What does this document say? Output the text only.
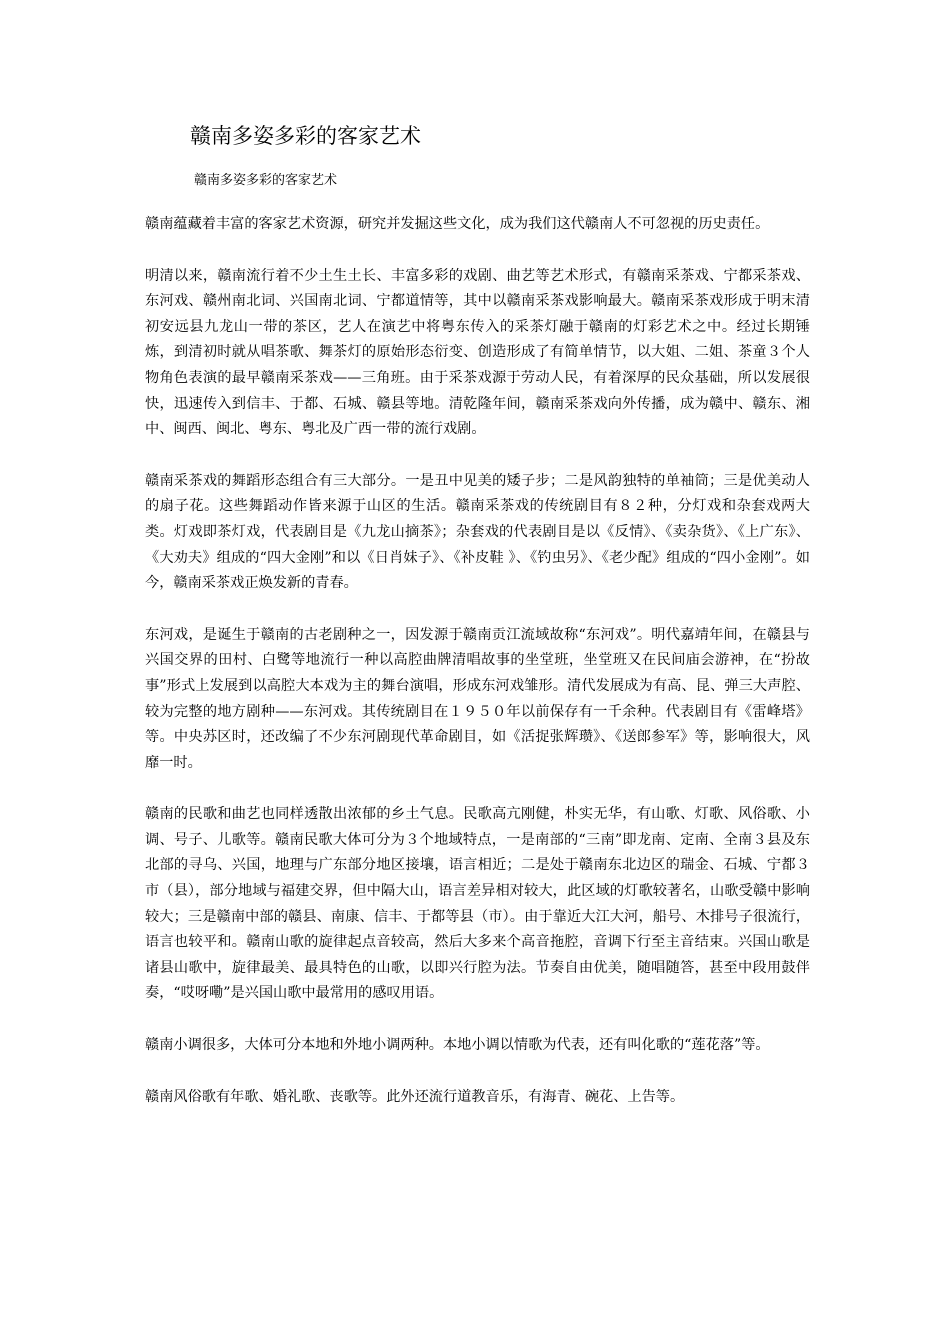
赣南多姿多彩的客家艺术
赣南多姿多彩的客家艺术

赣南蕴藏着丰富的客家艺术资源，研究并发掘这些文化，成为我们这代赣南人不可忽视的历史责任。

明清以来，赣南流行着不少土生土长、丰富多彩的戏剧、曲艺等艺术形式，有赣南采茶戏、宁都采茶戏、东河戏、赣州南北词、兴国南北词、宁都道情等，其中以赣南采茶戏影响最大。赣南采茶戏形成于明末清初安远县九龙山一带的茶区，艺人在演艺中将粤东传入的采茶灯融于赣南的灯彩艺术之中。经过长期锤炼，到清初时就从唱茶歌、舞茶灯的原始形态衍变、创造形成了有简单情节，以大姐、二姐、茶童３个人物角色表演的最早赣南采茶戏——三角班。由于采茶戏源于劳动人民，有着深厚的民众基础，所以发展很快，迅速传入到信丰、于都、石城、赣县等地。清乾隆年间，赣南采茶戏向外传播，成为赣中、赣东、湘中、闽西、闽北、粤东、粤北及广西一带的流行戏剧。

赣南采茶戏的舞蹈形态组合有三大部分。一是丑中见美的矮子步；二是风韵独特的单袖筒；三是优美动人的扇子花。这些舞蹈动作皆来源于山区的生活。赣南采茶戏的传统剧目有８２种，分灯戏和杂套戏两大类。灯戏即茶灯戏，代表剧目是《九龙山摘茶》；杂套戏的代表剧目是以《反情》、《卖杂货》、《上广东》、《大劝夫》组成的“四大金刚”和以《日肖妹子》、《补皮鞋 》、《钓虫另》、《老少配》组成的“四小金刚”。如今，赣南采茶戏正焕发新的青春。

东河戏，是诞生于赣南的古老剧种之一，因发源于赣南贡江流域故称“东河戏”。明代嘉靖年间，在赣县与兴国交界的田村、白鹭等地流行一种以高腔曲牌清唱故事的坐堂班，坐堂班又在民间庙会游神，在“扮故事”形式上发展到以高腔大本戏为主的舞台演唱，形成东河戏雏形。清代发展成为有高、昆、弹三大声腔、较为完整的地方剧种——东河戏。其传统剧目在１９５０年以前保存有一千余种。代表剧目有《雷峰塔》等。中央苏区时，还改编了不少东河剧现代革命剧目，如《活捉张辉瓒》、《送郎参军》等，影响很大，风靡一时。

赣南的民歌和曲艺也同样透散出浓郁的乡土气息。民歌高亢刚健，朴实无华，有山歌、灯歌、风俗歌、小调、号子、儿歌等。赣南民歌大体可分为３个地域特点，一是南部的“三南”即龙南、定南、全南３县及东北部的寻乌、兴国，地理与广东部分地区接壤，语言相近；二是处于赣南东北边区的瑞金、石城、宁都３市（县），部分地域与福建交界，但中隔大山，语言差异相对较大，此区域的灯歌较著名，山歌受赣中影响较大；三是赣南中部的赣县、南康、信丰、于都等县（市）。由于靠近大江大河，船号、木排号子很流行，语言也较平和。赣南山歌的旋律起点音较高，然后大多来个高音拖腔，音调下行至主音结束。兴国山歌是诸县山歌中，旋律最美、最具特色的山歌，以即兴行腔为法。节奏自由优美，随唱随答，甚至中段用鼓伴奏，“哎呀嘞”是兴国山歌中最常用的感叹用语。

赣南小调很多，大体可分本地和外地小调两种。本地小调以情歌为代表，还有叫化歌的“莲花落”等。

赣南风俗歌有年歌、婚礼歌、丧歌等。此外还流行道教音乐，有海青、碗花、上告等。
